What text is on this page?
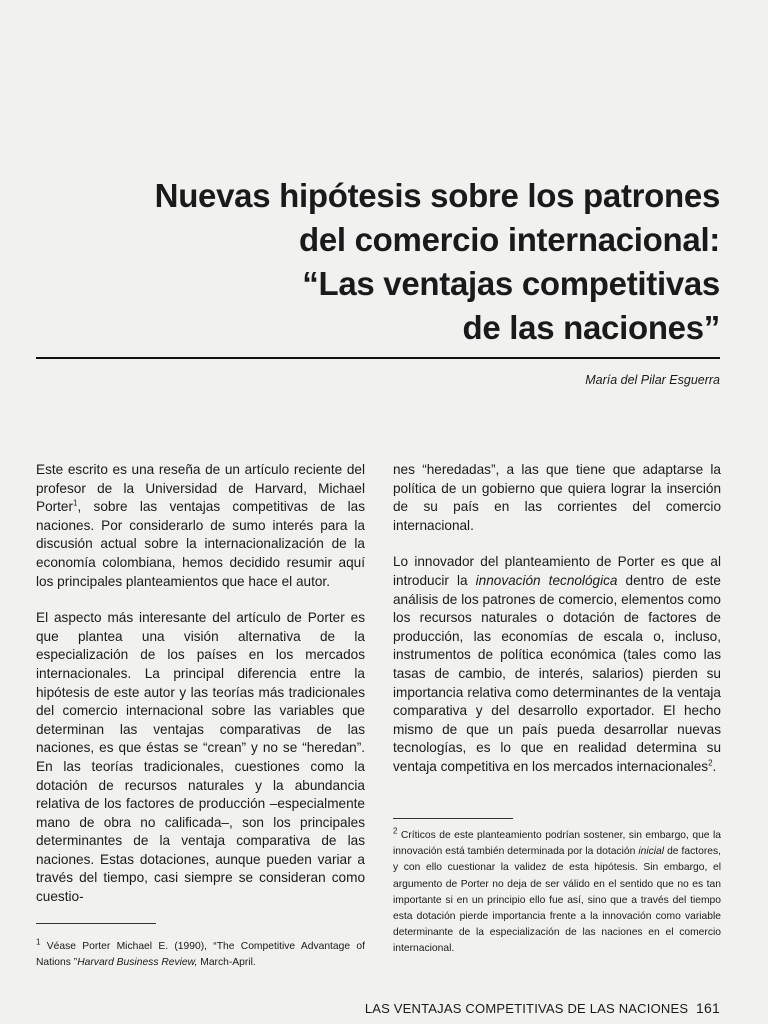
Nuevas hipótesis sobre los patrones
del comercio internacional:
“Las ventajas competitivas
de las naciones”
María del Pilar Esguerra

Este escrito es una reseña de un artículo reciente del profesor de la Universidad de Harvard, Michael Porter$^1$, sobre las ventajas competitivas de las naciones. Por considerarlo de sumo interés para la discusión actual sobre la internacionalización de la economía colombiana, hemos decidido resumir aquí los principales planteamientos que hace el autor.

El aspecto más interesante del artículo de Porter es que plantea una visión alternativa de la especialización de los países en los mercados internacionales. La principal diferencia entre la hipótesis de este autor y las teorías más tradicionales del comercio internacional sobre las variables que determinan las ventajas comparativas de las naciones, es que éstas se “crean” y no se “heredan”. En las teorías tradicionales, cuestiones como la dotación de recursos naturales y la abundancia relativa de los factores de producción –especialmente mano de obra no calificada–, son los principales determinantes de la ventaja comparativa de las naciones. Estas dotaciones, aunque pueden variar a través del tiempo, casi siempre se consideran como cuestio-

$^1$ Véase Porter Michael E. (1990), “The Competitive Advantage of Nations ”Harvard Business Review, March-April.

nes “heredadas”, a las que tiene que adaptarse la política de un gobierno que quiera lograr la inserción de su país en las corrientes del comercio internacional.

Lo innovador del planteamiento de Porter es que al introducir la innovación tecnológica dentro de este análisis de los patrones de comercio, elementos como los recursos naturales o dotación de factores de producción, las economías de escala o, incluso, instrumentos de política económica (tales como las tasas de cambio, de interés, salarios) pierden su importancia relativa como determinantes de la ventaja comparativa y del desarrollo exportador. El hecho mismo de que un país pueda desarrollar nuevas tecnologías, es lo que en realidad determina su ventaja competitiva en los mercados internacionales$^2$.

$^2$ Críticos de este planteamiento podrían sostener, sin embargo, que la innovación está también determinada por la dotación inicial de factores, y con ello cuestionar la validez de esta hipótesis. Sin embargo, el argumento de Porter no deja de ser válido en el sentido que no es tan importante si en un principio ello fue así, sino que a través del tiempo esta dotación pierde importancia frente a la innovación como variable determinante de la especialización de las naciones en el comercio internacional.
LAS VENTAJAS COMPETITIVAS DE LAS NACIONES 161
